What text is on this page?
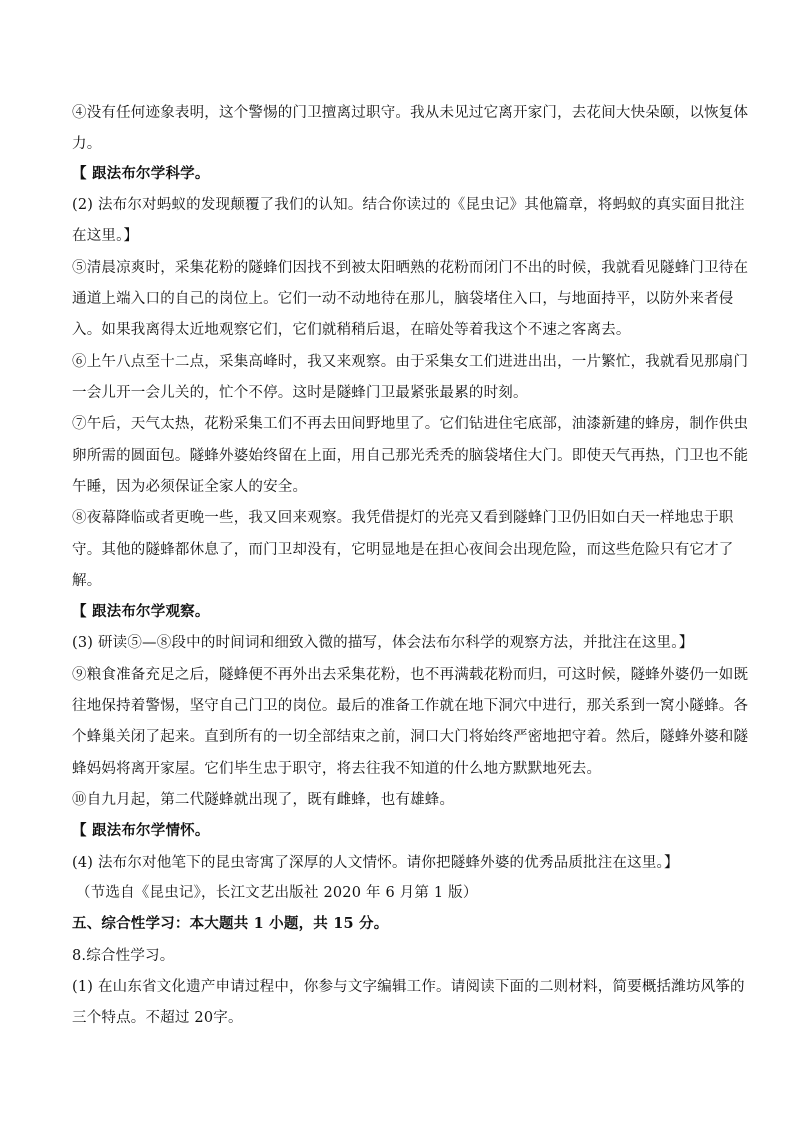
④没有任何迹象表明，这个警惕的门卫擅离过职守。我从未见过它离开家门，去花间大快朵颐，以恢复体
力。
【 跟法布尔学科学。
(2) 法布尔对蚂蚁的发现颠覆了我们的认知。结合你读过的《昆虫记》其他篇章，将蚂蚁的真实面目批注
在这里。】
⑤清晨凉爽时，采集花粉的隧蜂们因找不到被太阳晒熟的花粉而闭门不出的时候，我就看见隧蜂门卫待在
通道上端入口的自己的岗位上。它们一动不动地待在那儿，脑袋堵住入口，与地面持平，以防外来者侵
入。如果我离得太近地观察它们，它们就稍稍后退，在暗处等着我这个不速之客离去。
⑥上午八点至十二点，采集高峰时，我又来观察。由于采集女工们进进出出，一片繁忙，我就看见那扇门
一会儿开一会儿关的，忙个不停。这时是隧蜂门卫最紧张最累的时刻。
⑦午后，天气太热，花粉采集工们不再去田间野地里了。它们钻进住宅底部，油漆新建的蜂房，制作供虫
卵所需的圆面包。隧蜂外婆始终留在上面，用自己那光秃秃的脑袋堵住大门。即使天气再热，门卫也不能
午睡，因为必须保证全家人的安全。
⑧夜幕降临或者更晚一些，我又回来观察。我凭借提灯的光亮又看到隧蜂门卫仍旧如白天一样地忠于职
守。其他的隧蜂都休息了，而门卫却没有，它明显地是在担心夜间会出现危险，而这些危险只有它才了
解。
【 跟法布尔学观察。
(3) 研读⑤—⑧段中的时间词和细致入微的描写，体会法布尔科学的观察方法，并批注在这里。】
⑨粮食准备充足之后，隧蜂便不再外出去采集花粉，也不再满载花粉而归，可这时候，隧蜂外婆仍一如既
往地保持着警惕，坚守自己门卫的岗位。最后的准备工作就在地下洞穴中进行，那关系到一窝小隧蜂。各
个蜂巢关闭了起来。直到所有的一切全部结束之前，洞口大门将始终严密地把守着。然后，隧蜂外婆和隧
蜂妈妈将离开家屋。它们毕生忠于职守，将去往我不知道的什么地方默默地死去。
⑩自九月起，第二代隧蜂就出现了，既有雌蜂，也有雄蜂。
【 跟法布尔学情怀。
(4) 法布尔对他笔下的昆虫寄寓了深厚的人文情怀。请你把隧蜂外婆的优秀品质批注在这里。】
（节选自《昆虫记》，长江文艺出版社 2020 年 6 月第 1 版）
五、综合性学习：本大题共 1 小题，共 15 分。
8.综合性学习。
(1) 在山东省文化遗产申请过程中，你参与文字编辑工作。请阅读下面的二则材料，简要概括潍坊风筝的
三个特点。不超过 20字。
